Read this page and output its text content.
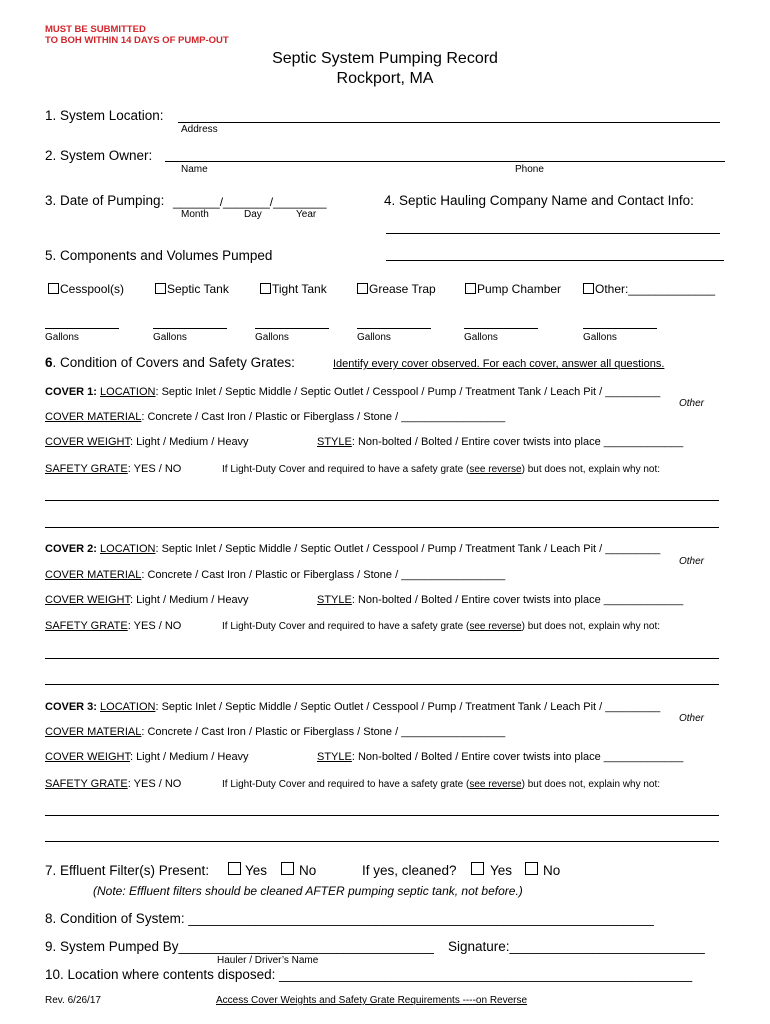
MUST BE SUBMITTED
TO BOH WITHIN 14 DAYS OF PUMP-OUT
Septic System Pumping Record
Rockport, MA
1. System Location:
Address
2. System Owner:
Name	Phone
3. Date of Pumping: _______/_______/________
Month	Day	Year
4. Septic Hauling Company Name and Contact Info:
5. Components and Volumes Pumped
Cesspool(s)	Septic Tank	Tight Tank	Grease Trap	Pump Chamber	Other:_____________
Gallons	Gallons	Gallons	Gallons	Gallons	Gallons
6. Condition of Covers and Safety Grates:	Identify every cover observed. For each cover, answer all questions.
COVER 1: LOCATION: Septic Inlet / Septic Middle / Septic Outlet / Cesspool / Pump / Treatment Tank / Leach Pit / _________
Other
COVER MATERIAL: Concrete / Cast Iron / Plastic or Fiberglass / Stone / _________________
COVER WEIGHT: Light / Medium / Heavy	STYLE: Non-bolted / Bolted / Entire cover twists into place _____________
SAFETY GRATE: YES / NO	If Light-Duty Cover and required to have a safety grate (see reverse) but does not, explain why not:
COVER 2: LOCATION: Septic Inlet / Septic Middle / Septic Outlet / Cesspool / Pump / Treatment Tank / Leach Pit / _________
Other
COVER MATERIAL: Concrete / Cast Iron / Plastic or Fiberglass / Stone / _________________
COVER WEIGHT: Light / Medium / Heavy	STYLE: Non-bolted / Bolted / Entire cover twists into place _____________
SAFETY GRATE: YES / NO	If Light-Duty Cover and required to have a safety grate (see reverse) but does not, explain why not:
COVER 3: LOCATION: Septic Inlet / Septic Middle / Septic Outlet / Cesspool / Pump / Treatment Tank / Leach Pit / _________
Other
COVER MATERIAL: Concrete / Cast Iron / Plastic or Fiberglass / Stone / _________________
COVER WEIGHT: Light / Medium / Heavy	STYLE: Non-bolted / Bolted / Entire cover twists into place _____________
SAFETY GRATE: YES / NO	If Light-Duty Cover and required to have a safety grate (see reverse) but does not, explain why not:
7. Effluent Filter(s) Present:	Yes No	If yes, cleaned? Yes No
(Note: Effluent filters should be cleaned AFTER pumping septic tank, not before.)
8. Condition of System: ______________________________________________________________
9. System Pumped By__________________________________ Signature:__________________________
Hauler / Driver’s Name
10. Location where contents disposed: _______________________________________________________
Rev. 6/26/17	Access Cover Weights and Safety Grate Requirements ----on Reverse
